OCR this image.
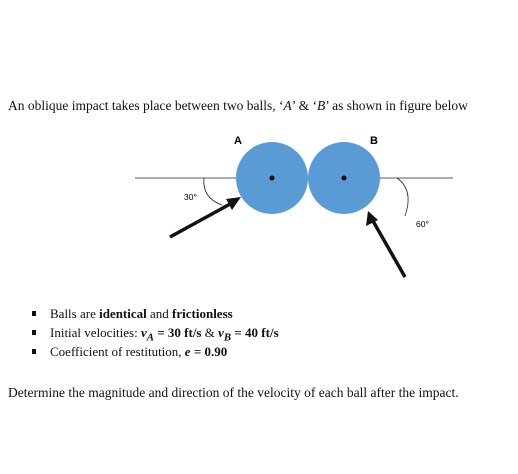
An oblique impact takes place between two balls, ‘A’ & ‘B’ as shown in figure below
A	B
30°
60°
Balls are identical and frictionless
Initial velocities: $v_A = 30$ ft/s & $v_B = 40$ ft/s
Coefficient of restitution, e = 0.90
Determine the magnitude and direction of the velocity of each ball after the impact.
